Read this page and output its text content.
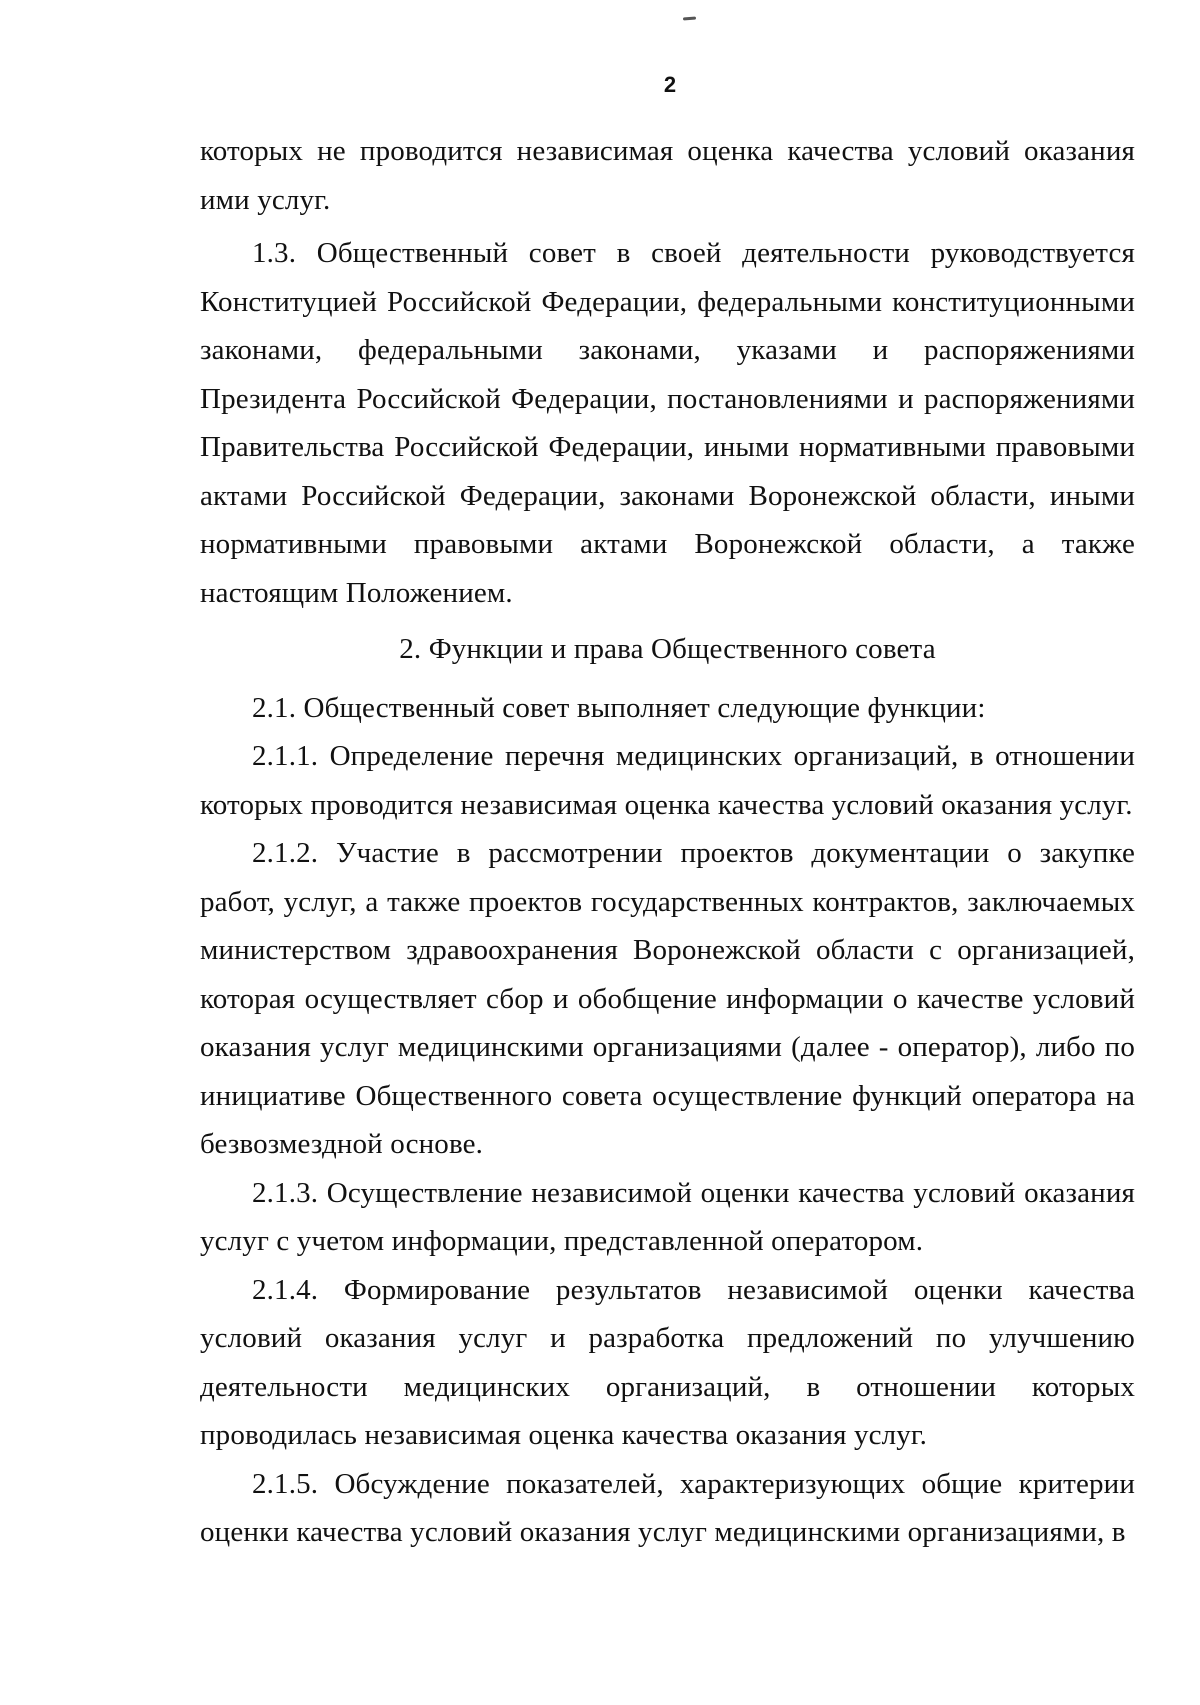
2

которых не проводится независимая оценка качества условий оказания ими услуг.

1.3. Общественный совет в своей деятельности руководствуется Конституцией Российской Федерации, федеральными конституционными законами, федеральными законами, указами и распоряжениями Президента Российской Федерации, постановлениями и распоряжениями Правительства Российской Федерации, иными нормативными правовыми актами Российской Федерации, законами Воронежской области, иными нормативными правовыми актами Воронежской области, а также настоящим Положением.

2. Функции и права Общественного совета

2.1. Общественный совет выполняет следующие функции:

2.1.1. Определение перечня медицинских организаций, в отношении которых проводится независимая оценка качества условий оказания услуг.

2.1.2. Участие в рассмотрении проектов документации о закупке работ, услуг, а также проектов государственных контрактов, заключаемых министерством здравоохранения Воронежской области с организацией, которая осуществляет сбор и обобщение информации о качестве условий оказания услуг медицинскими организациями (далее - оператор), либо по инициативе Общественного совета осуществление функций оператора на безвозмездной основе.

2.1.3. Осуществление независимой оценки качества условий оказания услуг с учетом информации, представленной оператором.

2.1.4. Формирование результатов независимой оценки качества условий оказания услуг и разработка предложений по улучшению деятельности медицинских организаций, в отношении которых проводилась независимая оценка качества оказания услуг.

2.1.5. Обсуждение показателей, характеризующих общие критерии оценки качества условий оказания услуг медицинскими организациями, в
